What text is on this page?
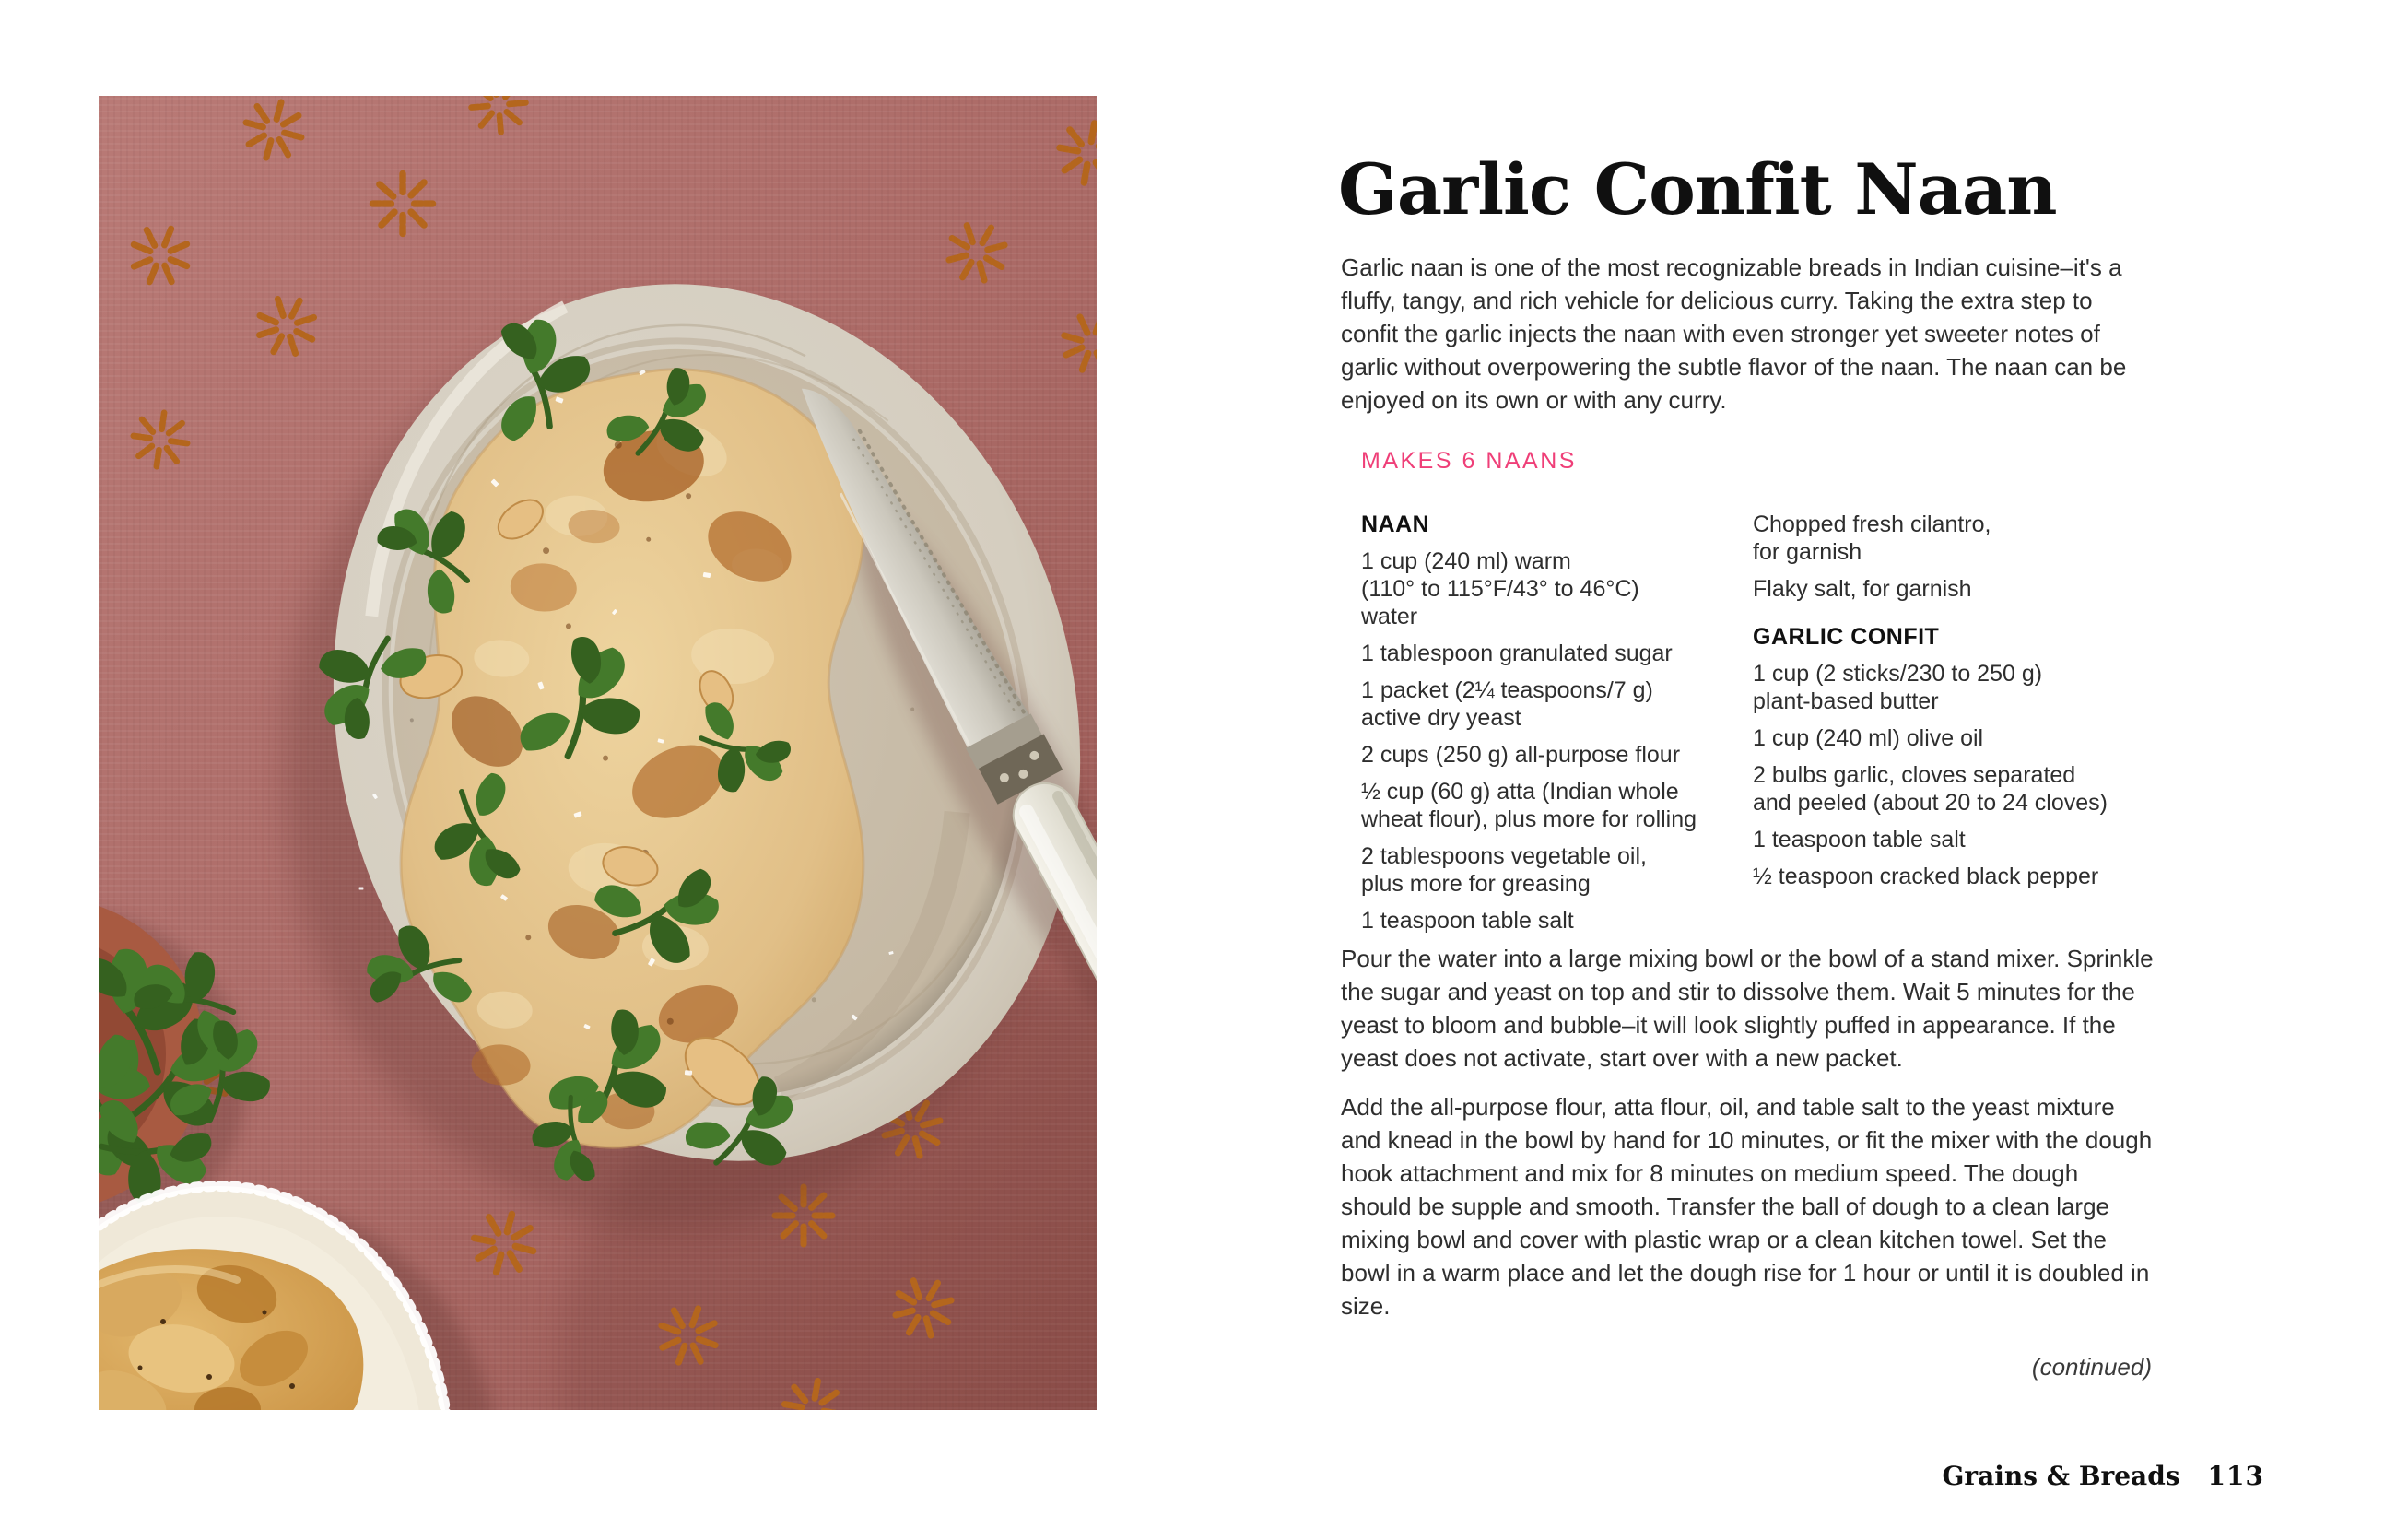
Garlic Confit Naan

Garlic naan is one of the most recognizable breads in Indian cuisine–it's a fluffy, tangy, and rich vehicle for delicious curry. Taking the extra step to confit the garlic injects the naan with even stronger yet sweeter notes of garlic without overpowering the subtle flavor of the naan. The naan can be enjoyed on its own or with any curry.

MAKES 6 NAANS
NAAN
1 cup (240 ml) warm
(110° to 115°F/43° to 46°C)
water
1 tablespoon granulated sugar
1 packet (2¼ teaspoons/7 g)
active dry yeast
2 cups (250 g) all-purpose flour
½ cup (60 g) atta (Indian whole
wheat flour), plus more for rolling
2 tablespoons vegetable oil,
plus more for greasing
1 teaspoon table salt
Chopped fresh cilantro,
for garnish
Flaky salt, for garnish
GARLIC CONFIT
1 cup (2 sticks/230 to 250 g)
plant-based butter
1 cup (240 ml) olive oil
2 bulbs garlic, cloves separated
and peeled (about 20 to 24 cloves)
1 teaspoon table salt
½ teaspoon cracked black pepper

Pour the water into a large mixing bowl or the bowl of a stand mixer. Sprinkle the sugar and yeast on top and stir to dissolve them. Wait 5 minutes for the yeast to bloom and bubble–it will look slightly puffed in appearance. If the yeast does not activate, start over with a new packet.

Add the all-purpose flour, atta flour, oil, and table salt to the yeast mixture and knead in the bowl by hand for 10 minutes, or fit the mixer with the dough hook attachment and mix for 8 minutes on medium speed. The dough should be supple and smooth. Transfer the ball of dough to a clean large mixing bowl and cover with plastic wrap or a clean kitchen towel. Set the bowl in a warm place and let the dough rise for 1 hour or until it is doubled in size.

(continued)
Grains & Breads 113
